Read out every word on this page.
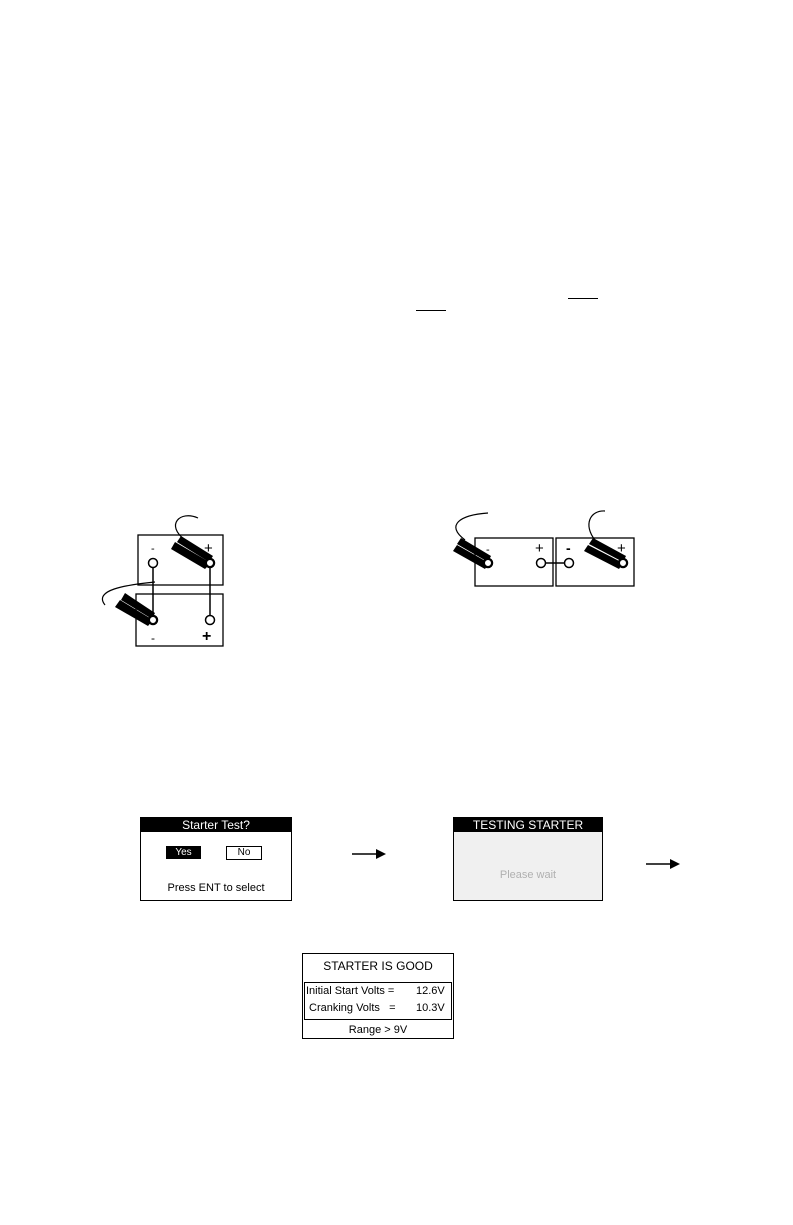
-	+
-	+
-	+ -	+
Starter Test?
Yes	No
Press ENT to select
TESTING STARTER
Please wait
STARTER IS GOOD
Initial Start Volts = 12.6V
Cranking Volts   = 10.3V
Range > 9V
